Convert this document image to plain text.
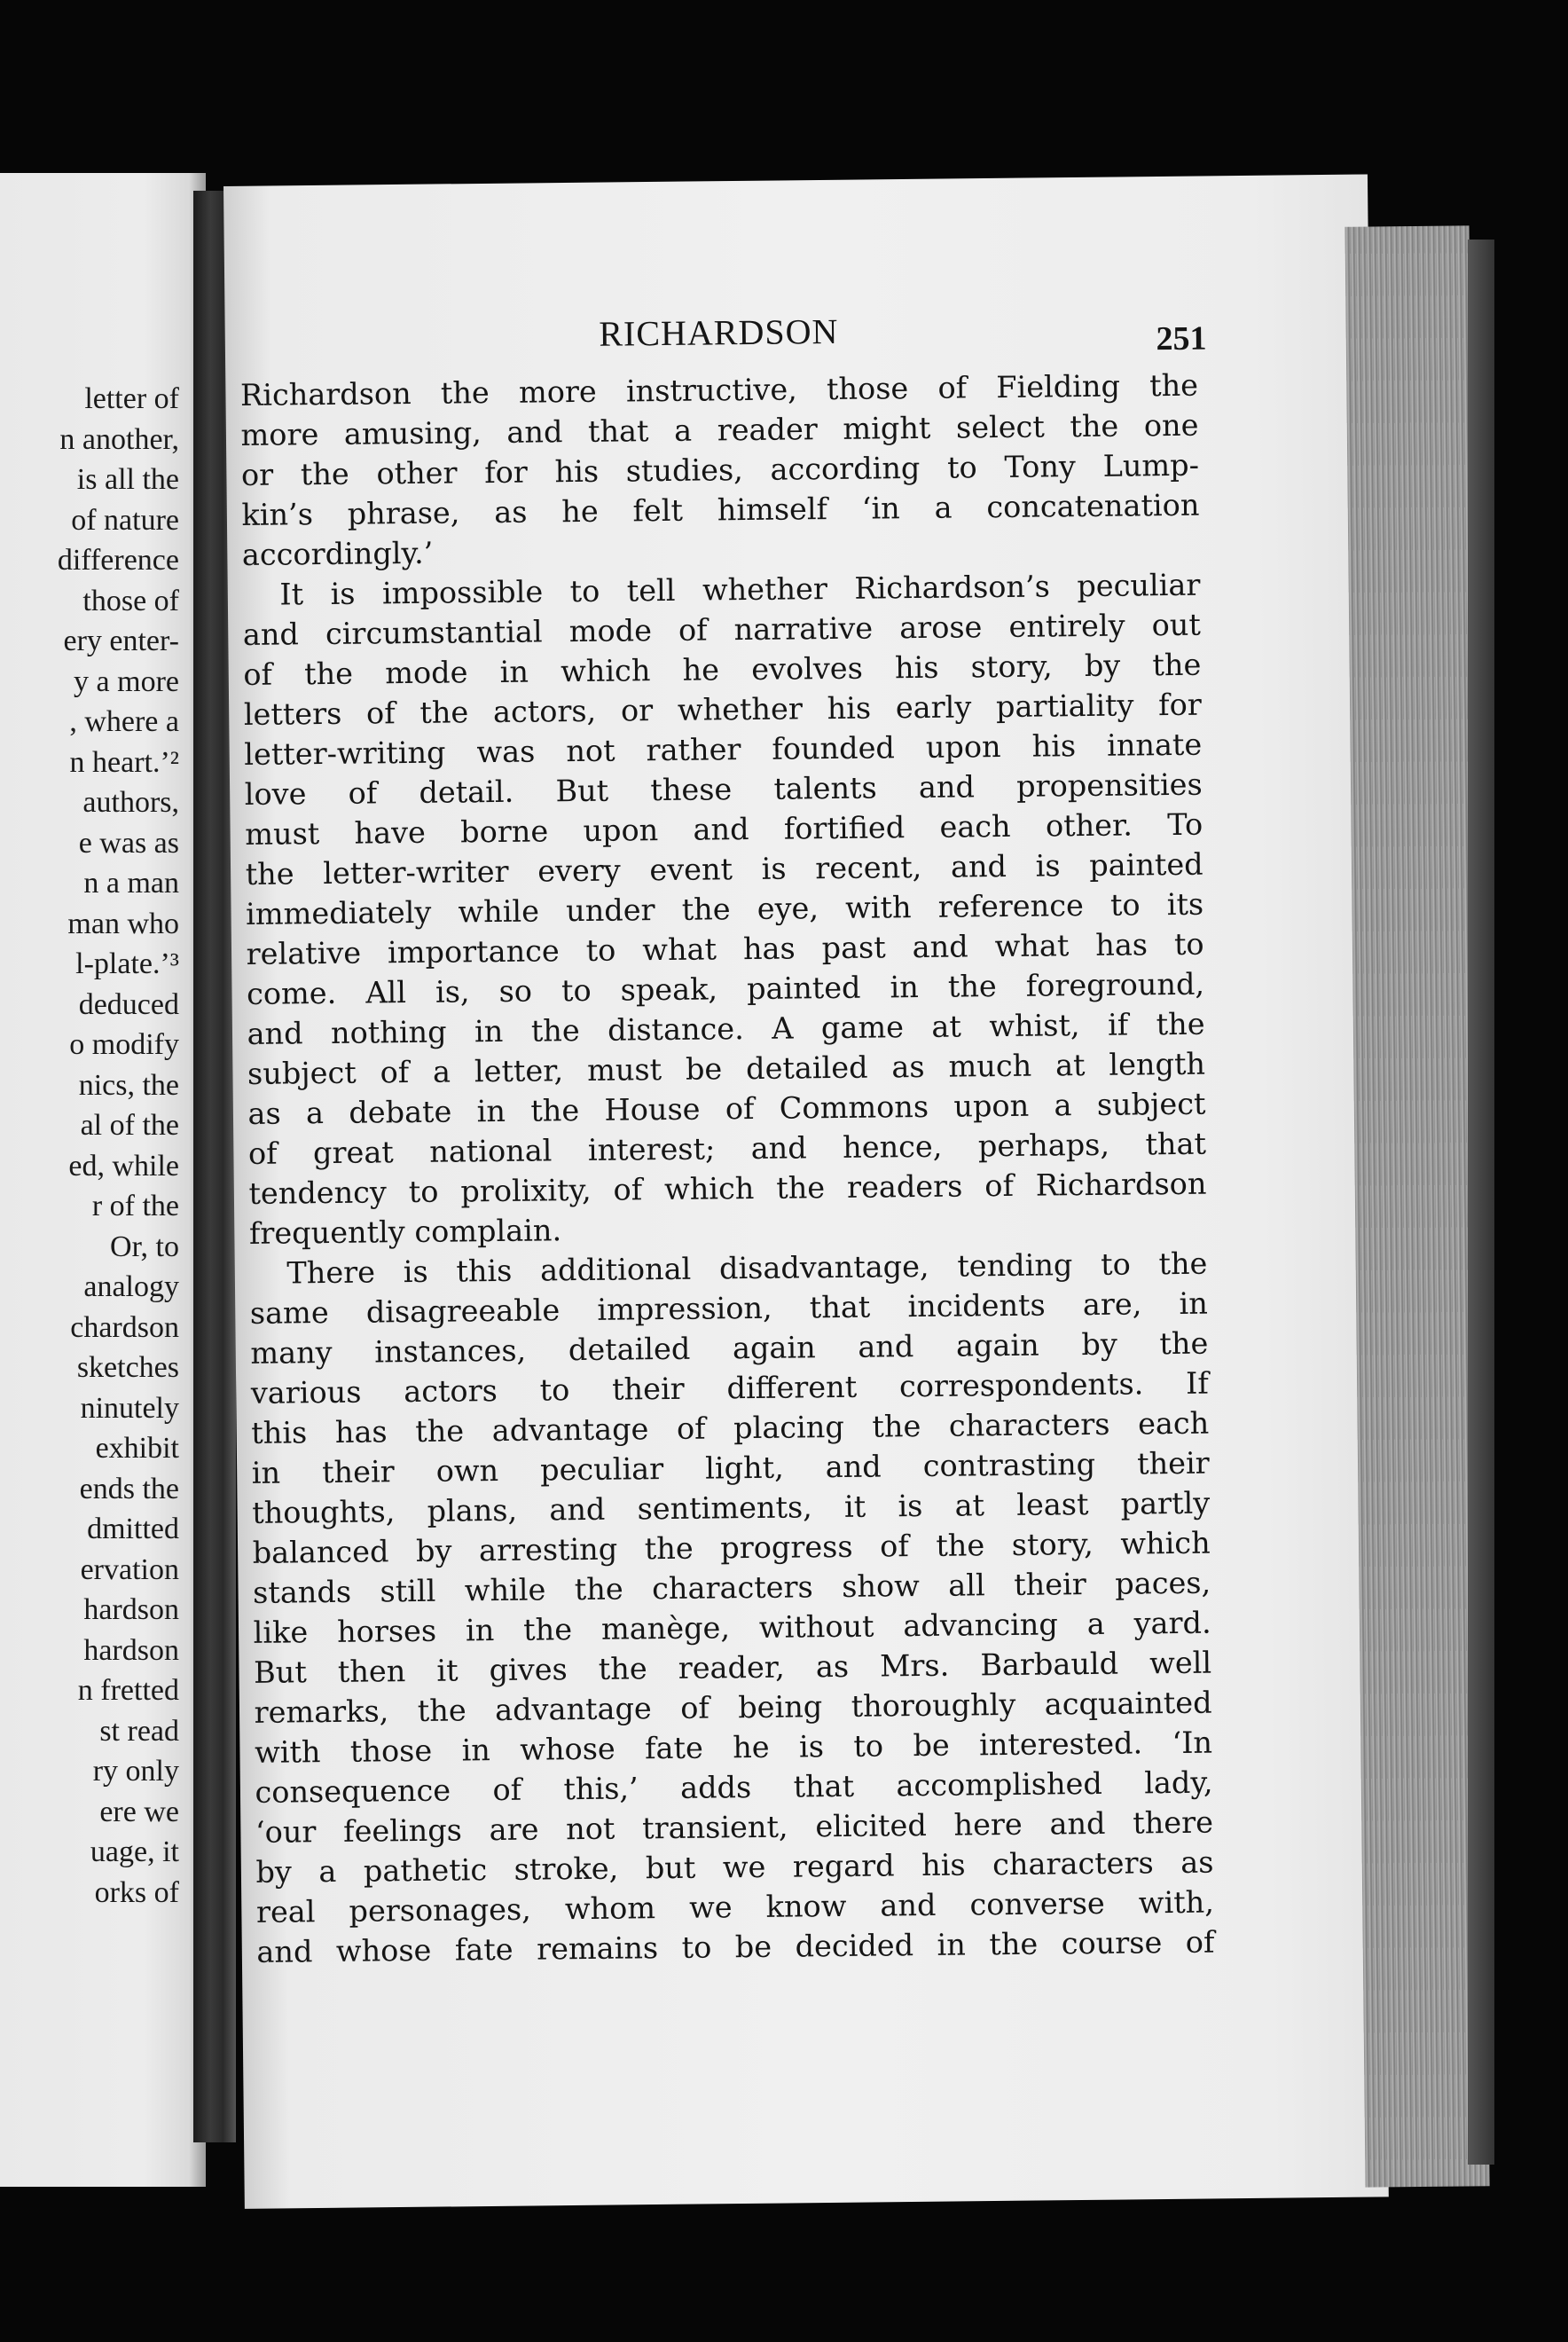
letter of
n another,
is all the
of nature
difference
those of
ery enter-
y a more
, where a
n heart.’²
authors,
e was as
n a man
man who
l-plate.’³
deduced
o modify
nics, the
al of the
ed, while
r of the
Or, to
analogy
chardson
sketches
ninutely
exhibit
ends the
dmitted
ervation
hardson
hardson
n fretted
st read
ry only
ere we
uage, it
orks of
RICHARDSON	251
Richardson the more instructive, those of Fielding the
more amusing, and that a reader might select the one
or the other for his studies, according to Tony Lump-
kin’s phrase, as he felt himself ‘in a concatenation
accordingly.’
It is impossible to tell whether Richardson’s peculiar
and circumstantial mode of narrative arose entirely out
of the mode in which he evolves his story, by the
letters of the actors, or whether his early partiality for
letter-writing was not rather founded upon his innate
love of detail. But these talents and propensities
must have borne upon and fortified each other. To
the letter-writer every event is recent, and is painted
immediately while under the eye, with reference to its
relative importance to what has past and what has to
come. All is, so to speak, painted in the foreground,
and nothing in the distance. A game at whist, if the
subject of a letter, must be detailed as much at length
as a debate in the House of Commons upon a subject
of great national interest; and hence, perhaps, that
tendency to prolixity, of which the readers of Richardson
frequently complain.
There is this additional disadvantage, tending to the
same disagreeable impression, that incidents are, in
many instances, detailed again and again by the
various actors to their different correspondents. If
this has the advantage of placing the characters each
in their own peculiar light, and contrasting their
thoughts, plans, and sentiments, it is at least partly
balanced by arresting the progress of the story, which
stands still while the characters show all their paces,
like horses in the manège, without advancing a yard.
But then it gives the reader, as Mrs. Barbauld well
remarks, the advantage of being thoroughly acquainted
with those in whose fate he is to be interested. ‘In
consequence of this,’ adds that accomplished lady,
‘our feelings are not transient, elicited here and there
by a pathetic stroke, but we regard his characters as
real personages, whom we know and converse with,
and whose fate remains to be decided in the course of
